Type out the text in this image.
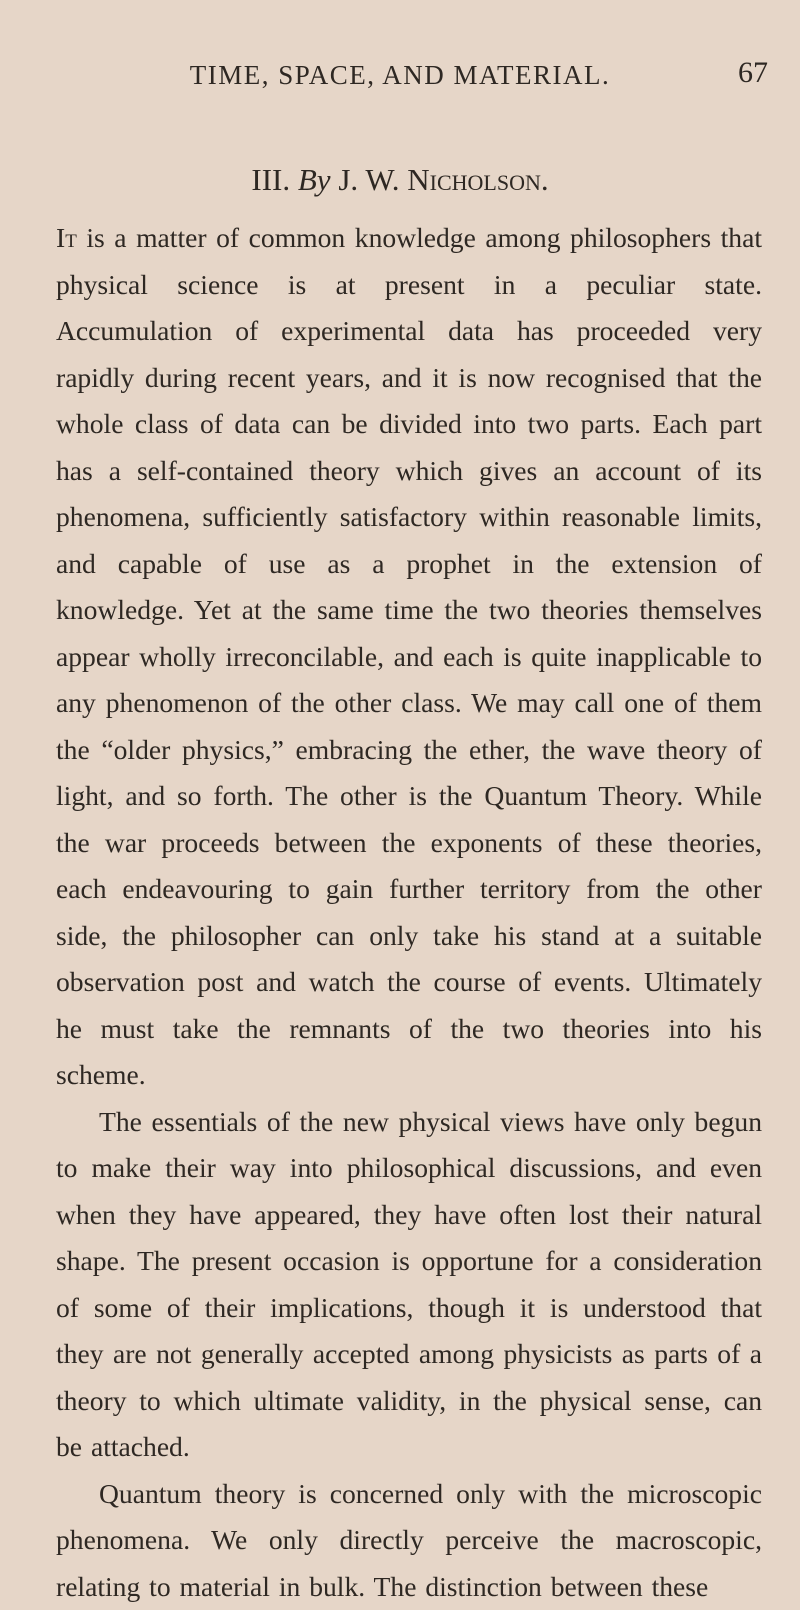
TIME, SPACE, AND MATERIAL.	67
III. By J. W. Nicholson.

It is a matter of common knowledge among philosophers that physical science is at present in a peculiar state. Accumulation of experimental data has proceeded very rapidly during recent years, and it is now recognised that the whole class of data can be divided into two parts. Each part has a self-contained theory which gives an account of its phenomena, sufficiently satisfactory within reasonable limits, and capable of use as a prophet in the extension of knowledge. Yet at the same time the two theories themselves appear wholly irreconcilable, and each is quite inapplicable to any phenomenon of the other class. We may call one of them the “older physics,” embracing the ether, the wave theory of light, and so forth. The other is the Quantum Theory. While the war proceeds between the exponents of these theories, each endeavouring to gain further territory from the other side, the philosopher can only take his stand at a suitable observation post and watch the course of events. Ultimately he must take the remnants of the two theories into his scheme.

The essentials of the new physical views have only begun to make their way into philosophical discussions, and even when they have appeared, they have often lost their natural shape. The present occasion is opportune for a consideration of some of their implications, though it is understood that they are not generally accepted among physicists as parts of a theory to which ultimate validity, in the physical sense, can be attached.

Quantum theory is concerned only with the microscopic phenomena. We only directly perceive the macroscopic, relating to material in bulk. The distinction between these
